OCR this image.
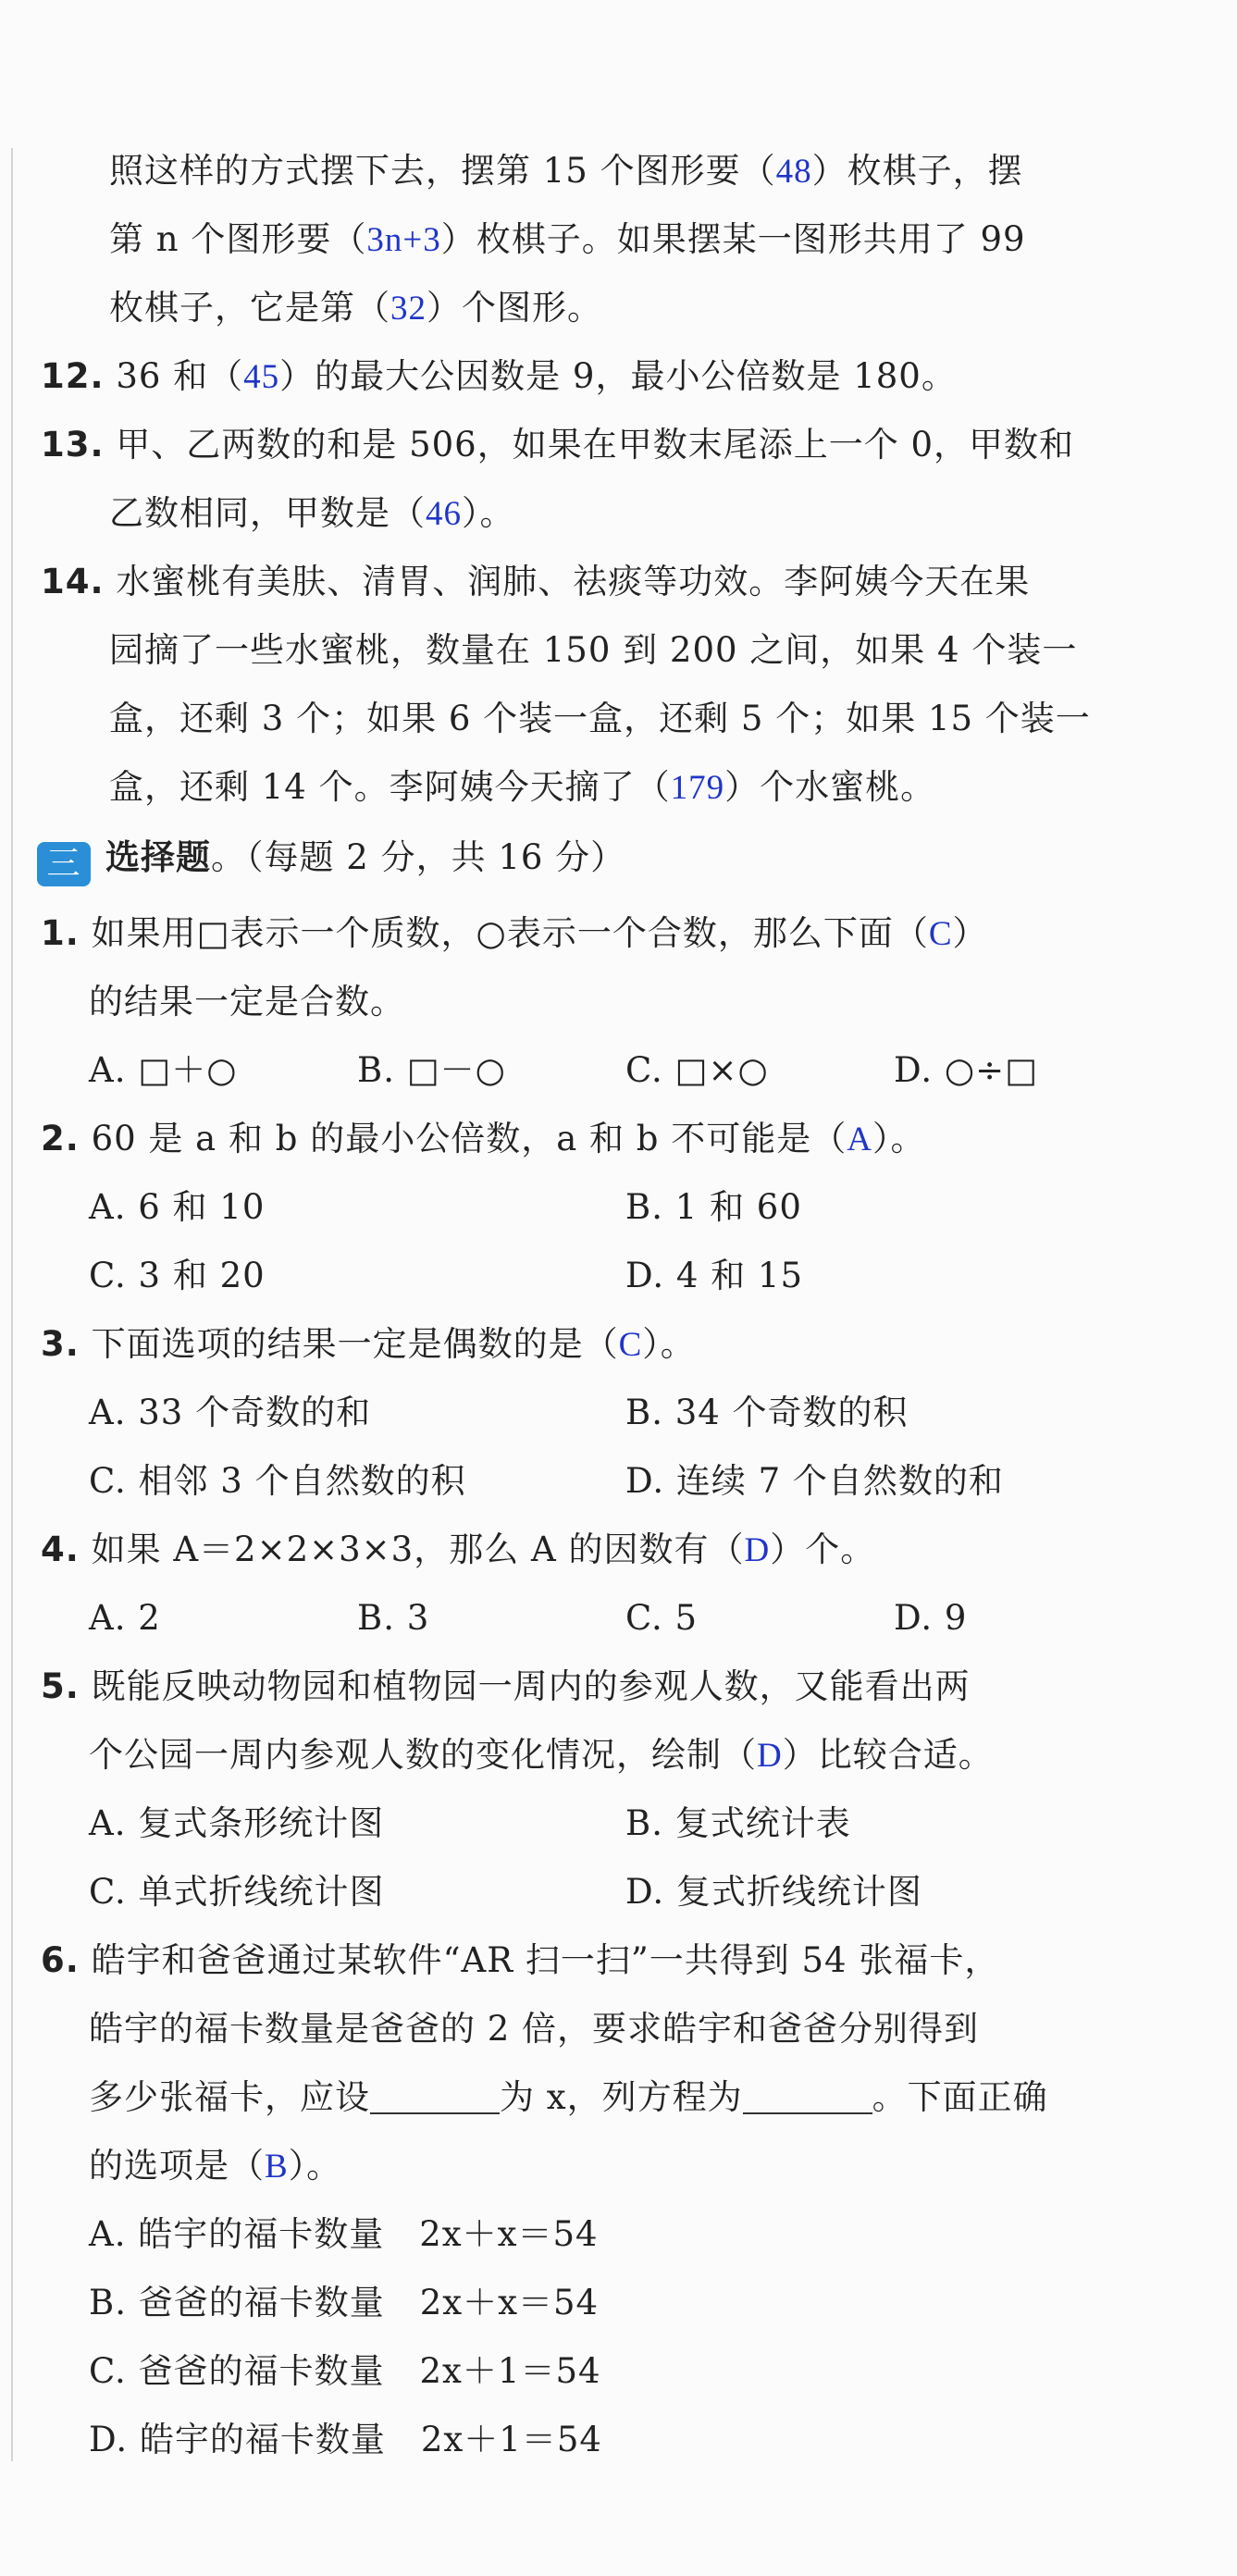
照这样的方式摆下去，摆第 15 个图形要（48）枚棋子，摆
第 n 个图形要（3n+3）枚棋子。如果摆某一图形共用了 99
枚棋子，它是第（32）个图形。
12. 36 和（45）的最大公因数是 9，最小公倍数是 180。
13. 甲、乙两数的和是 506，如果在甲数末尾添上一个 0，甲数和
乙数相同，甲数是（46）。
14. 水蜜桃有美肤、清胃、润肺、祛痰等功效。李阿姨今天在果
园摘了一些水蜜桃，数量在 150 到 200 之间，如果 4 个装一
盒，还剩 3 个；如果 6 个装一盒，还剩 5 个；如果 15 个装一
盒，还剩 14 个。李阿姨今天摘了（179）个水蜜桃。
三 选择题。（每题 2 分，共 16 分）
1. 如果用□表示一个质数，○表示一个合数，那么下面（C）
的结果一定是合数。
A. □＋○	B. □－○	C. □×○	D. ○÷□
2. 60 是 a 和 b 的最小公倍数，a 和 b 不可能是（A）。
A. 6 和 10	B. 1 和 60
C. 3 和 20	D. 4 和 15
3. 下面选项的结果一定是偶数的是（C）。
A. 33 个奇数的和	B. 34 个奇数的积
C. 相邻 3 个自然数的积	D. 连续 7 个自然数的和
4. 如果 A＝2×2×3×3，那么 A 的因数有（D）个。
A. 2	B. 3	C. 5	D. 9
5. 既能反映动物园和植物园一周内的参观人数，又能看出两
个公园一周内参观人数的变化情况，绘制（D）比较合适。
A. 复式条形统计图	B. 复式统计表
C. 单式折线统计图	D. 复式折线统计图
6. 皓宇和爸爸通过某软件“AR 扫一扫”一共得到 54 张福卡，
皓宇的福卡数量是爸爸的 2 倍，要求皓宇和爸爸分别得到
多少张福卡，应设	为 x，列方程为	。下面正确
的选项是（B）。
A. 皓宇的福卡数量　2x＋x＝54
B. 爸爸的福卡数量　2x＋x＝54
C. 爸爸的福卡数量　2x＋1＝54
D. 皓宇的福卡数量　2x＋1＝54
